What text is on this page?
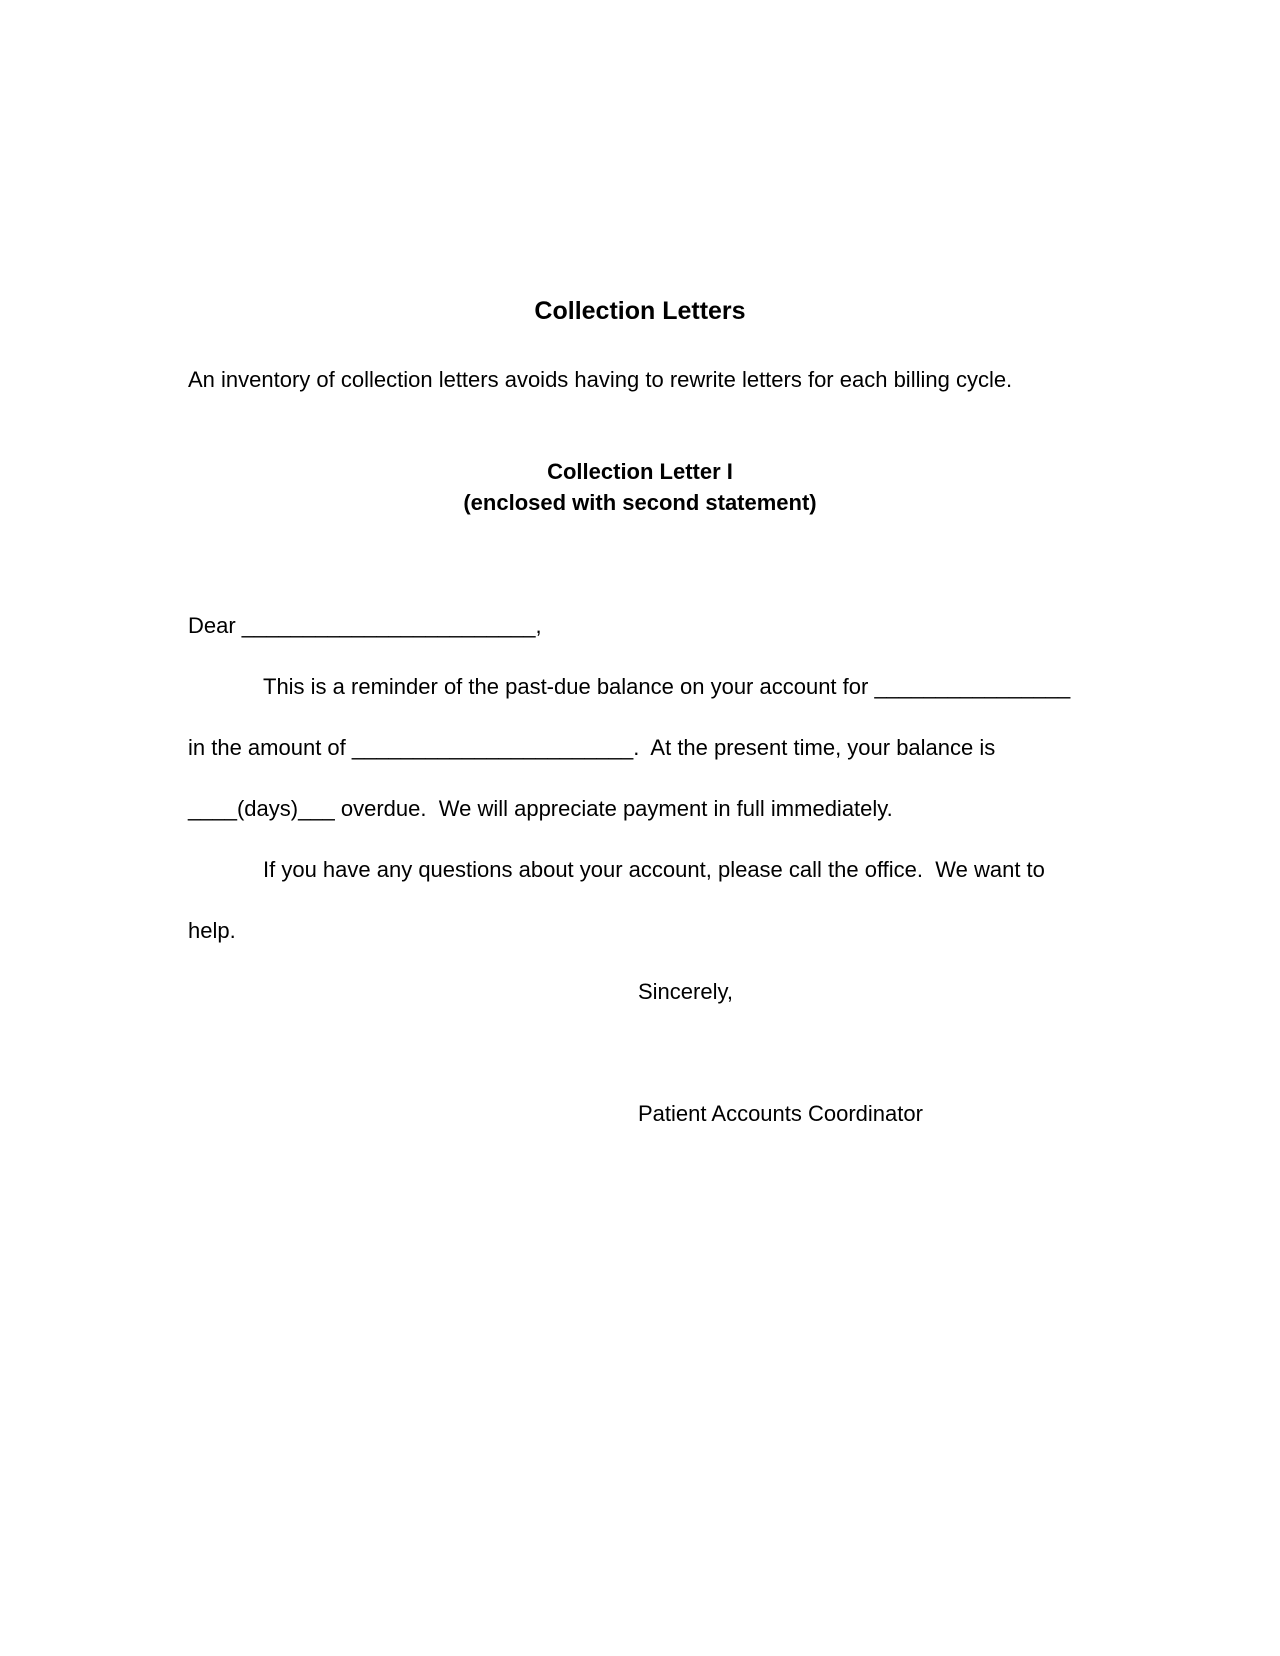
Collection Letters
An inventory of collection letters avoids having to rewrite letters for each billing cycle.
Collection Letter I
(enclosed with second statement)
Dear ________________________,
This is a reminder of the past-due balance on your account for ________________
in the amount of _______________________.  At the present time, your balance is
____(days)___ overdue.  We will appreciate payment in full immediately.
If you have any questions about your account, please call the office.  We want to
help.
Sincerely,
Patient Accounts Coordinator
